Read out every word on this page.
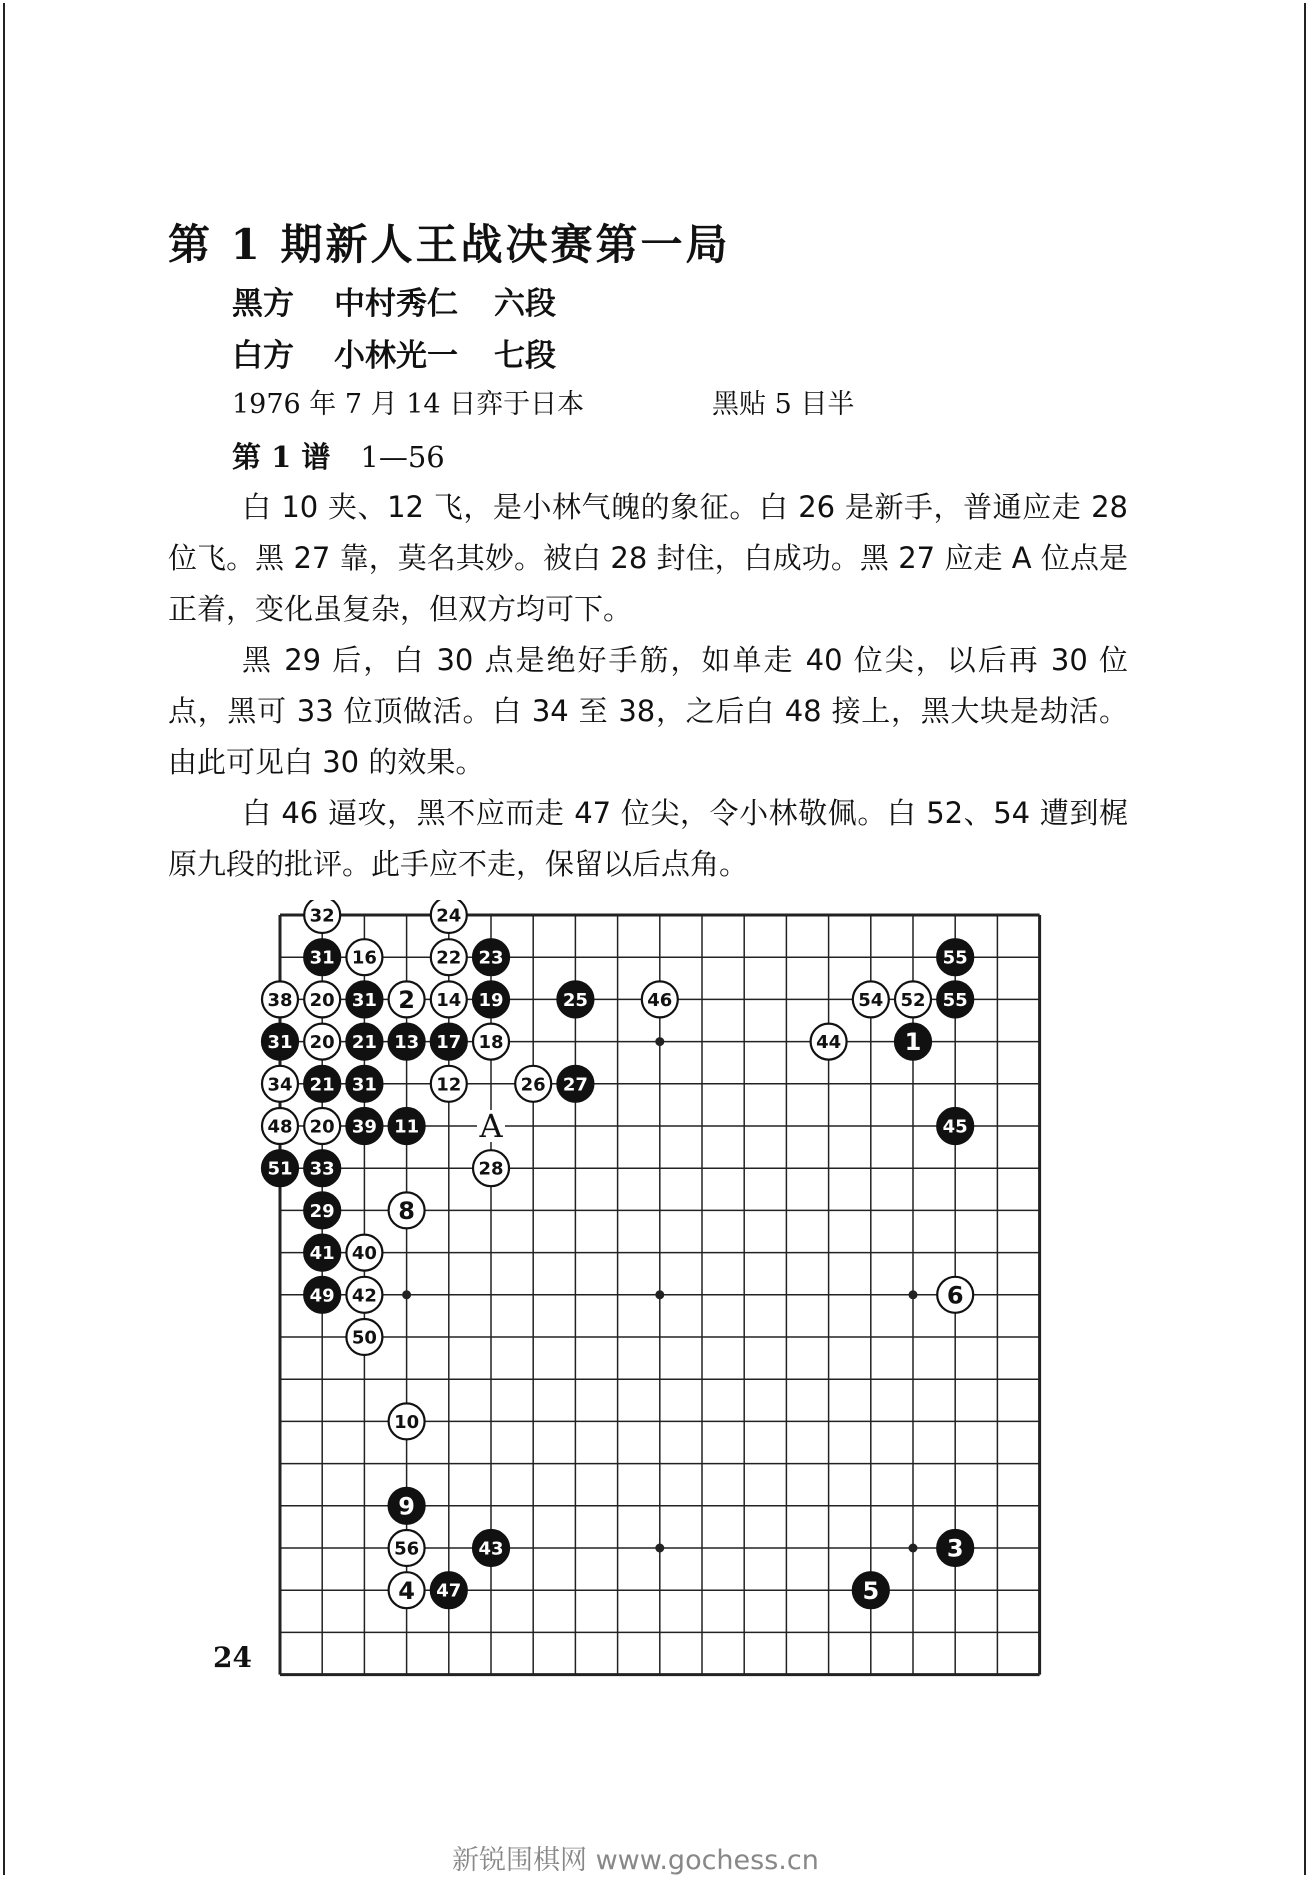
第 1 期新人王战决赛第一局
黑方 中村秀仁 六段
白方 小林光一 七段
1976 年 7 月 14 日弈于日本	黑贴 5 目半
第 1 谱 1—56
白 10 夹、12 飞，是小林气魄的象征。白 26 是新手，普通应走 28 位飞。黑 27 靠，莫名其妙。被白 28 封住，白成功。黑 27 应走 A 位点是正着，变化虽复杂，但双方均可下。
黑 29 后，白 30 点是绝好手筋，如单走 40 位尖，以后再 30 位点，黑可 33 位顶做活。白 34 至 38，之后白 48 接上，黑大块是劫活。由此可见白 30 的效果。
白 46 逼攻，黑不应而走 47 位尖，令小林敬佩。白 52、54 遭到梶原九段的批评。此手应不走，保留以后点角。
A
32	24
31 16	22 23	55
38 20 31 2 14 19	25	46	54 52 55
31 20 21 13 17 18	44	1
34 21 31	12	26 27
48 20 39 11	45
51 33	28
29	8
41 40
49 42	6
50
10
9
56	43	3
4 47	5
24
新锐围棋网 www.gochess.cn
